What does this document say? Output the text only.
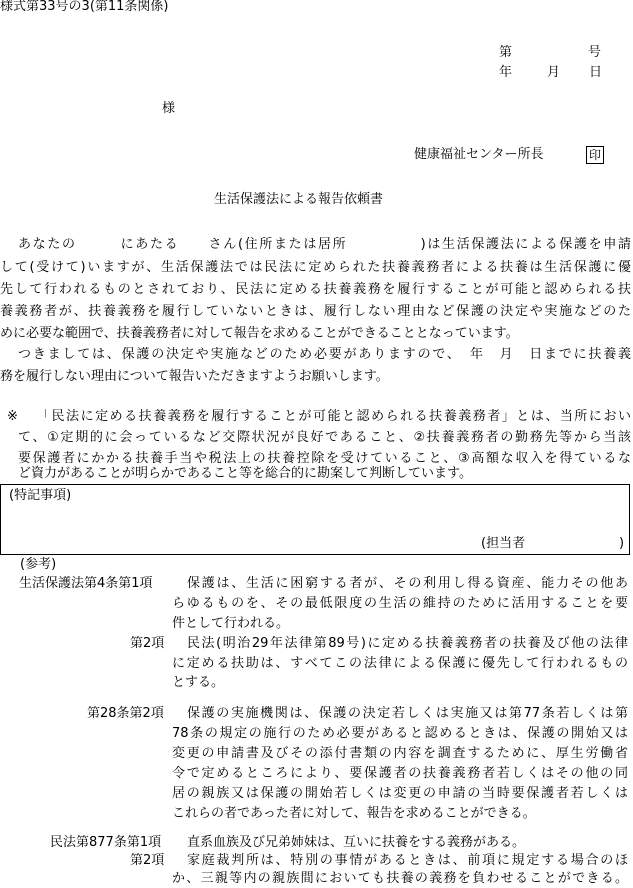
様式第33号の3(第11条関係)
第	号
年	月 日
様
健康福祉センター所長	印
生活保護法による報告依頼書
あなたの　　　にあたる　　さん(住所または居所　　　　　)は生活保護法による保護を申請
して(受けて)いますが、生活保護法では民法に定められた扶養義務者による扶養は生活保護に優
先して行われるものとされており、民法に定める扶養義務を履行することが可能と認められる扶
養義務者が、扶養義務を履行していないときは、履行しない理由など保護の決定や実施などのた
めに必要な範囲で、扶養義務者に対して報告を求めることができることとなっています。
つきましては、保護の決定や実施などのため必要がありますので、　年　月　日までに扶養義
務を履行しない理由について報告いただきますようお願いします。
※ 「民法に定める扶養義務を履行することが可能と認められる扶養義務者」とは、当所におい
て、①定期的に会っているなど交際状況が良好であること、②扶養義務者の勤務先等から当該
要保護者にかかる扶養手当や税法上の扶養控除を受けていること、③高額な収入を得ているな
ど資力があることが明らかであること等を総合的に勘案して判断しています。
(特記事項)
(担当者	)
(参考)
生活保護法第4条第1項	保護は、生活に困窮する者が、その利用し得る資産、能力その他あ
らゆるものを、その最低限度の生活の維持のために活用することを要
件として行われる。
第2項 民法(明治29年法律第89号)に定める扶養義務者の扶養及び他の法律
に定める扶助は、すべてこの法律による保護に優先して行われるもの
とする。
第28条第2項 保護の実施機関は、保護の決定若しくは実施又は第77条若しくは第
78条の規定の施行のため必要があると認めるときは、保護の開始又は
変更の申請書及びその添付書類の内容を調査するために、厚生労働省
令で定めるところにより、要保護者の扶養義務者若しくはその他の同
居の親族又は保護の開始若しくは変更の申請の当時要保護者若しくは
これらの者であった者に対して、報告を求めることができる。
民法第877条第1項 直系血族及び兄弟姉妹は、互いに扶養をする義務がある。
第2項 家庭裁判所は、特別の事情があるときは、前項に規定する場合のほ
か、三親等内の親族間においても扶養の義務を負わせることができる。
